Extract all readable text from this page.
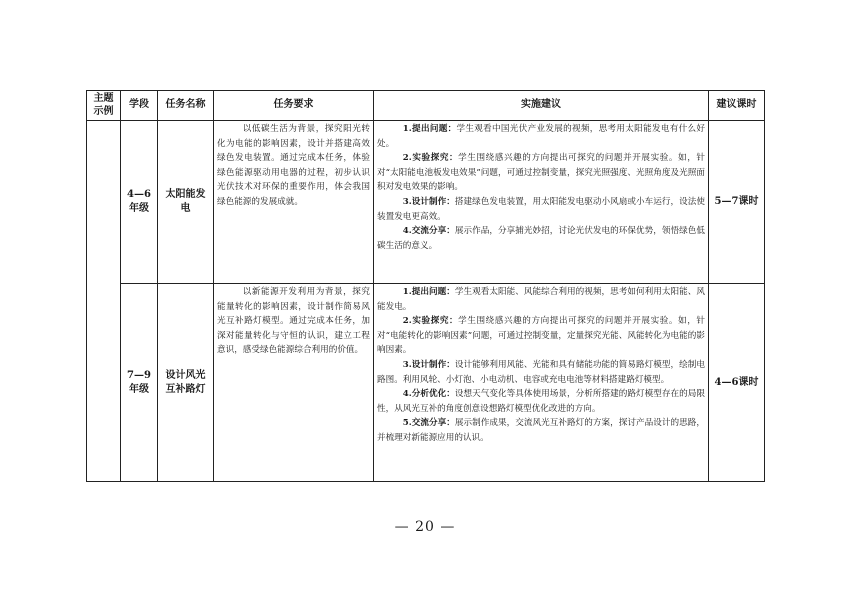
主题示例	学段	任务名称	任务要求	实施建议	建议课时
	4—6年级	太阳能发电	以低碳生活为背景，探究阳光转化为电能的影响因素，设计并搭建高效绿色发电装置。通过完成本任务，体验绿色能源驱动用电器的过程，初步认识光伏技术对环保的重要作用，体会我国绿色能源的发展成就。	1.提出问题：学生观看中国光伏产业发展的视频，思考用太阳能发电有什么好处。

2.实验探究：学生围绕感兴趣的方向提出可探究的问题并开展实验。如，针对“太阳能电池板发电效果”问题，可通过控制变量，探究光照强度、光照角度及光照面积对发电效果的影响。

3.设计制作：搭建绿色发电装置，用太阳能发电驱动小风扇或小车运行，设法使装置发电更高效。

4.交流分享：展示作品，分享捕光妙招，讨论光伏发电的环保优势，领悟绿色低碳生活的意义。	5—7课时
	7—9年级	设计风光互补路灯	以新能源开发利用为背景，探究能量转化的影响因素，设计制作简易风光互补路灯模型。通过完成本任务，加深对能量转化与守恒的认识，建立工程意识，感受绿色能源综合利用的价值。	1.提出问题：学生观看太阳能、风能综合利用的视频，思考如何利用太阳能、风能发电。

2.实验探究：学生围绕感兴趣的方向提出可探究的问题并开展实验。如，针对“电能转化的影响因素”问题，可通过控制变量，定量探究光能、风能转化为电能的影响因素。

3.设计制作：设计能够利用风能、光能和具有储能功能的简易路灯模型，绘制电路图。利用风轮、小灯泡、小电动机、电容或充电电池等材料搭建路灯模型。

4.分析优化：设想天气变化等具体使用场景，分析所搭建的路灯模型存在的局限性，从风光互补的角度创意设想路灯模型优化改进的方向。

5.交流分享：展示制作成果，交流风光互补路灯的方案，探讨产品设计的思路，并梳理对新能源应用的认识。	4—6课时
— 20 —
